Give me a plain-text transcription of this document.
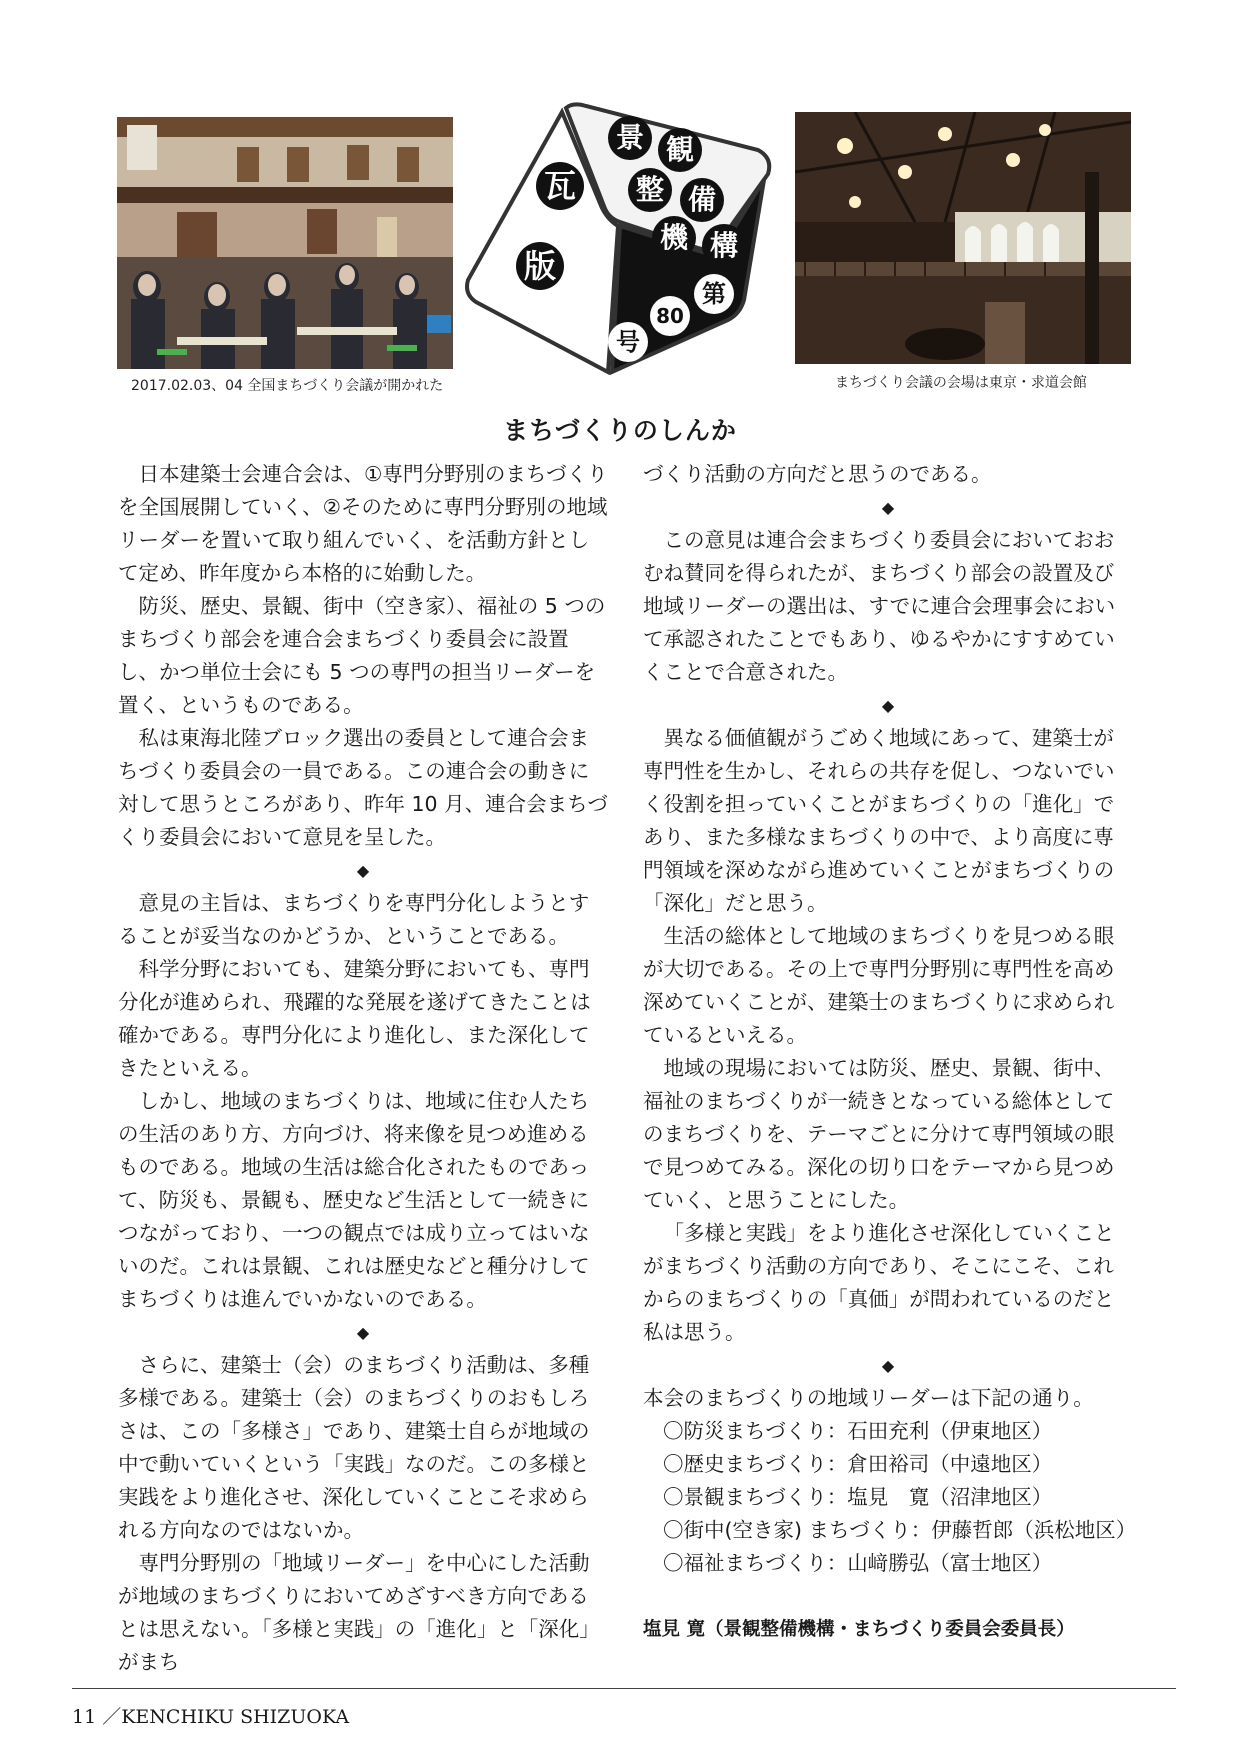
2017.02.03、04 全国まちづくり会議が開かれた
瓦
版
景 観
整 備
機 構
第
80
号
まちづくり会議の会場は東京・求道会館
まちづくりのしんか

日本建築士会連合会は、①専門分野別のまちづくりを全国展開していく、②そのために専門分野別の地域リーダーを置いて取り組んでいく、を活動方針として定め、昨年度から本格的に始動した。

防災、歴史、景観、街中（空き家）、福祉の 5 つのまちづくり部会を連合会まちづくり委員会に設置し、かつ単位士会にも 5 つの専門の担当リーダーを置く、というものである。

私は東海北陸ブロック選出の委員として連合会まちづくり委員会の一員である。この連合会の動きに対して思うところがあり、昨年 10 月、連合会まちづくり委員会において意見を呈した。

◆

意見の主旨は、まちづくりを専門分化しようとすることが妥当なのかどうか、ということである。

科学分野においても、建築分野においても、専門分化が進められ、飛躍的な発展を遂げてきたことは確かである。専門分化により進化し、また深化してきたといえる。

しかし、地域のまちづくりは、地域に住む人たちの生活のあり方、方向づけ、将来像を見つめ進めるものである。地域の生活は総合化されたものであって、防災も、景観も、歴史など生活として一続きにつながっており、一つの観点では成り立ってはいないのだ。これは景観、これは歴史などと種分けしてまちづくりは進んでいかないのである。

◆

さらに、建築士（会）のまちづくり活動は、多種多様である。建築士（会）のまちづくりのおもしろさは、この「多様さ」であり、建築士自らが地域の中で動いていくという「実践」なのだ。この多様と実践をより進化させ、深化していくことこそ求められる方向なのではないか。

専門分野別の「地域リーダー」を中心にした活動が地域のまちづくりにおいてめざすべき方向であるとは思えない。「多様と実践」の「進化」と「深化」がまち

づくり活動の方向だと思うのである。

◆

この意見は連合会まちづくり委員会においておおむね賛同を得られたが、まちづくり部会の設置及び地域リーダーの選出は、すでに連合会理事会において承認されたことでもあり、ゆるやかにすすめていくことで合意された。

◆

異なる価値観がうごめく地域にあって、建築士が専門性を生かし、それらの共存を促し、つないでいく役割を担っていくことがまちづくりの「進化」であり、また多様なまちづくりの中で、より高度に専門領域を深めながら進めていくことがまちづくりの「深化」だと思う。

生活の総体として地域のまちづくりを見つめる眼が大切である。その上で専門分野別に専門性を高め深めていくことが、建築士のまちづくりに求められているといえる。

地域の現場においては防災、歴史、景観、街中、福祉のまちづくりが一続きとなっている総体としてのまちづくりを、テーマごとに分けて専門領域の眼で見つめてみる。深化の切り口をテーマから見つめていく、と思うことにした。

「多様と実践」をより進化させ深化していくことがまちづくり活動の方向であり、そこにこそ、これからのまちづくりの「真価」が問われているのだと私は思う。

◆

本会のまちづくりの地域リーダーは下記の通り。

〇防災まちづくり：石田充利（伊東地区）

〇歴史まちづくり：倉田裕司（中遠地区）

〇景観まちづくり：塩見　寛（沼津地区）

〇街中(空き家) まちづくり：伊藤哲郎（浜松地区）

〇福祉まちづくり：山﨑勝弘（富士地区）

塩見 寛（景観整備機構・まちづくり委員会委員長）

11 ／KENCHIKU SHIZUOKA
